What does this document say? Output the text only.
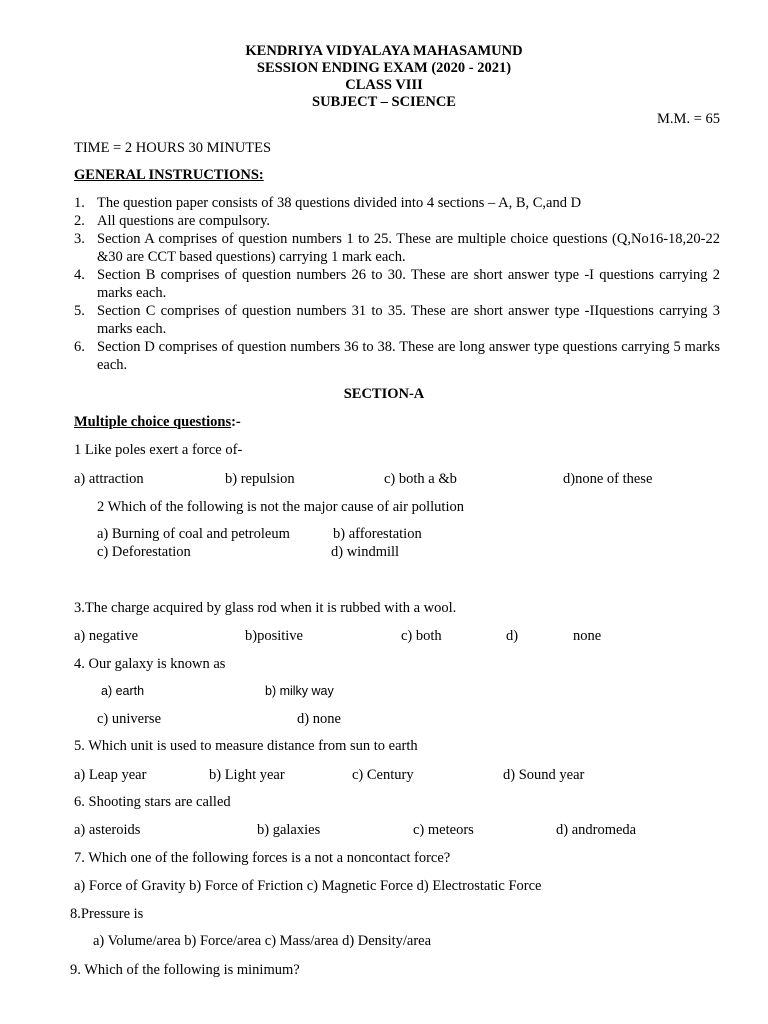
KENDRIYA VIDYALAYA MAHASAMUND
SESSION ENDING EXAM (2020 - 2021)
CLASS VIII
SUBJECT – SCIENCE
M.M. = 65
TIME = 2 HOURS 30 MINUTES
GENERAL INSTRUCTIONS:
1. The question paper consists of 38 questions divided into 4 sections – A, B, C,and D
2. All questions are compulsory.
3. Section A comprises of question numbers 1 to 25. These are multiple choice questions (Q,No16-18,20-22 &30 are CCT based questions) carrying 1 mark each.
4. Section B comprises of question numbers 26 to 30. These are short answer type -I questions carrying 2 marks each.
5. Section C comprises of question numbers 31 to 35. These are short answer type -IIquestions carrying 3 marks each.
6. Section D comprises of question numbers 36 to 38. These are long answer type questions carrying 5 marks each.
SECTION-A
Multiple choice questions:-
1 Like poles exert a force of-
a) attraction	b) repulsion	c) both a &b	d)none of these
2 Which of the following is not the major cause of air pollution
a) Burning of coal and petroleum	b) afforestation
c) Deforestation	d) windmill
3.The charge acquired by glass rod when it is rubbed with a wool.
a) negative	b)positive	c) both	d)	none
4. Our galaxy is known as
a) earth	b) milky way
c) universe	d) none
5. Which unit is used to measure distance from sun to earth
a) Leap year	b) Light year	c) Century	d) Sound year
6. Shooting stars are called
a) asteroids	b) galaxies	c) meteors	d) andromeda
7. Which one of the following forces is a not a noncontact force?
a) Force of Gravity b) Force of Friction c) Magnetic Force d) Electrostatic Force
8.Pressure is
a) Volume/area b) Force/area c) Mass/area d) Density/area
9. Which of the following is minimum?
